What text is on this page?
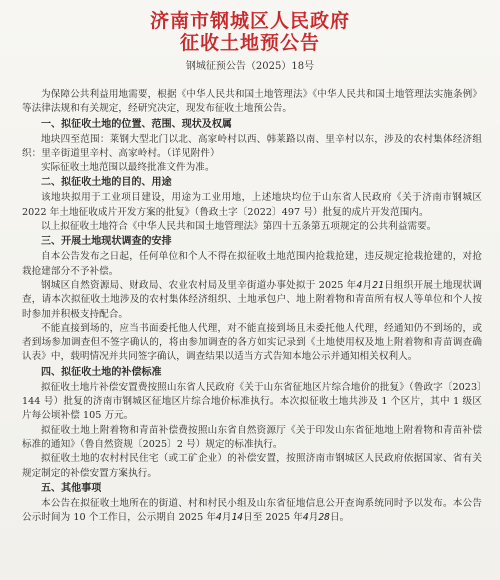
济南市钢城区人民政府
征收土地预公告
钢城征预公告（2025）18号

为保障公共利益用地需要，根据《中华人民共和国土地管理法》《中华人民共和国土地管理法实施条例》等法律法规和有关规定，经研究决定，现发布征收土地预公告。

一、拟征收土地的位置、范围、现状及权属

地块四至范围：莱钢大型北门以北、高家岭村以西、韩莱路以南、里辛村以东，涉及的农村集体经济组织：里辛街道里辛村、高家岭村。（详见附件）

实际征收土地范围以最终批准文件为准。

二、拟征收土地的目的、用途

该地块拟用于工业项目建设，用途为工业用地，上述地块均位于山东省人民政府《关于济南市钢城区 2022 年土地征收成片开发方案的批复》（鲁政土字〔2022〕497 号）批复的成片开发范围内。

以上拟征收土地符合《中华人民共和国土地管理法》第四十五条第五项规定的公共利益需要。

三、开展土地现状调查的安排

自本公告发布之日起，任何单位和个人不得在拟征收土地范围内抢栽抢建，违反规定抢栽抢建的，对抢栽抢建部分不予补偿。

钢城区自然资源局、财政局、农业农村局及里辛街道办事处拟于 2025 年4月21日组织开展土地现状调查，请本次拟征收土地涉及的农村集体经济组织、土地承包户、地上附着物和青苗所有权人等单位和个人按时参加并积极支持配合。

不能直接到场的，应当书面委托他人代理，对不能直接到场且未委托他人代理，经通知仍不到场的，或者到场参加调查但不签字确认的，将由参加调查的各方如实记录到《土地使用权及地上附着物和青苗调查确认表》中，载明情况并共同签字确认，调查结果以适当方式告知本地公示并通知相关权利人。

四、拟征收土地的补偿标准

拟征收土地片补偿安置费按照山东省人民政府《关于山东省征地区片综合地价的批复》（鲁政字〔2023〕144 号）批复的济南市钢城区征地区片综合地价标准执行。本次拟征收土地共涉及 1 个区片，其中 1 级区片每公顷补偿 105 万元。

拟征收土地上附着物和青苗补偿费按照山东省自然资源厅《关于印发山东省征地地上附着物和青苗补偿标准的通知》（鲁自然资规〔2025〕2 号）规定的标准执行。

拟征收土地的农村村民住宅（或工矿企业）的补偿安置，按照济南市钢城区人民政府依据国家、省有关规定制定的补偿安置方案执行。

五、其他事项

本公告在拟征收土地所在的街道、村和村民小组及山东省征地信息公开查询系统同时予以发布。本公告公示时间为 10 个工作日，公示期自 2025 年4月14日至 2025 年4月28日。
